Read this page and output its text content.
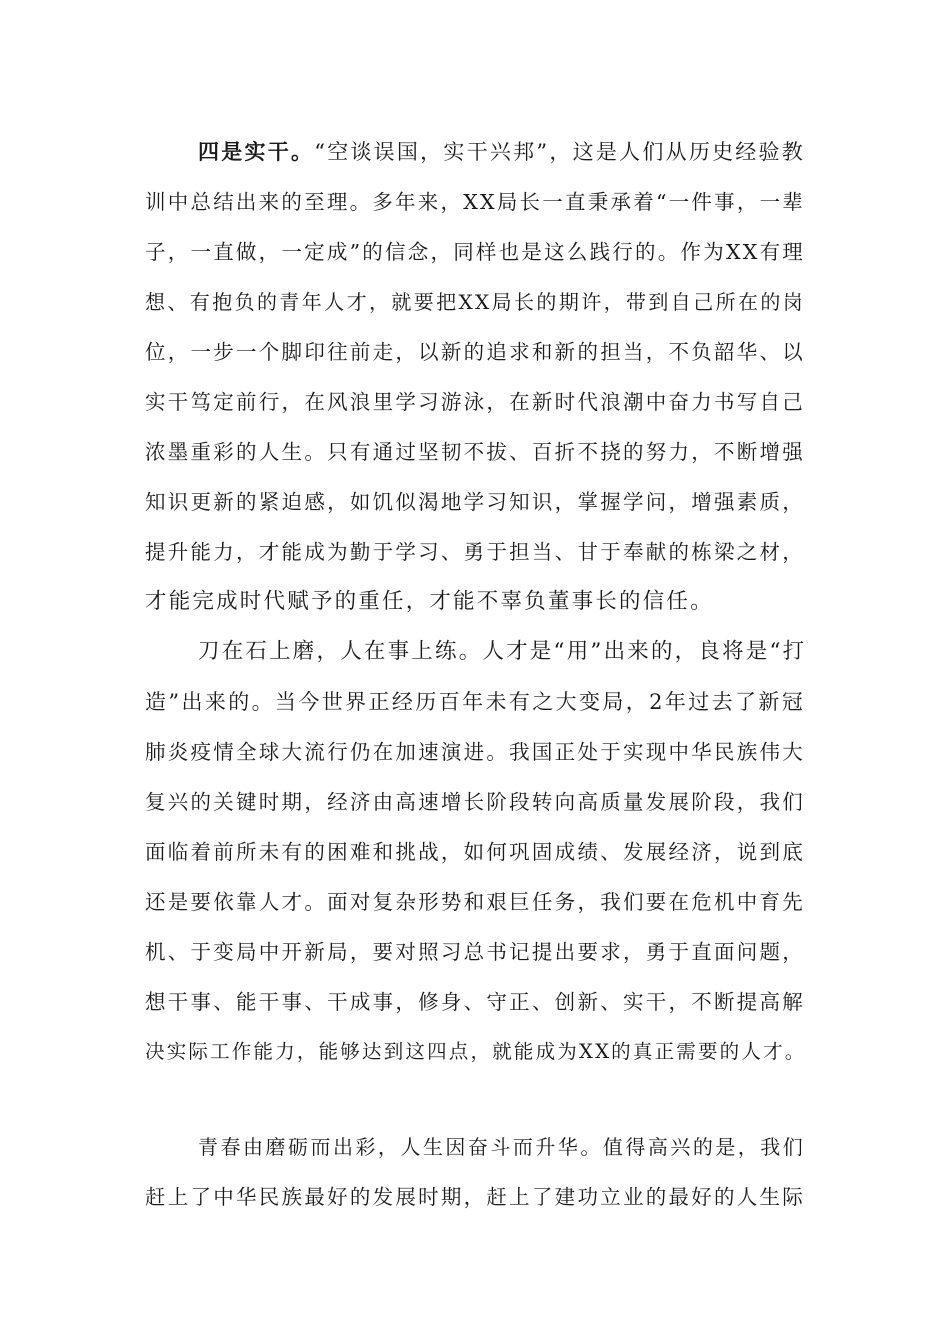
四是实干。“空谈误国，实干兴邦”，这是人们从历史经验教
训中总结出来的至理。多年来，XX局长一直秉承着“一件事，一辈
子，一直做，一定成”的信念，同样也是这么践行的。作为XX有理
想、有抱负的青年人才，就要把XX局长的期许，带到自己所在的岗
位，一步一个脚印往前走，以新的追求和新的担当，不负韶华、以
实干笃定前行，在风浪里学习游泳，在新时代浪潮中奋力书写自己
浓墨重彩的人生。只有通过坚韧不拔、百折不挠的努力，不断增强
知识更新的紧迫感，如饥似渴地学习知识，掌握学问，增强素质，
提升能力，才能成为勤于学习、勇于担当、甘于奉献的栋梁之材，
才能完成时代赋予的重任，才能不辜负董事长的信任。
刀在石上磨，人在事上练。人才是“用”出来的，良将是“打
造”出来的。当今世界正经历百年未有之大变局，2年过去了新冠
肺炎疫情全球大流行仍在加速演进。我国正处于实现中华民族伟大
复兴的关键时期，经济由高速增长阶段转向高质量发展阶段，我们
面临着前所未有的困难和挑战，如何巩固成绩、发展经济，说到底
还是要依靠人才。面对复杂形势和艰巨任务，我们要在危机中育先
机、于变局中开新局，要对照习总书记提出要求，勇于直面问题，
想干事、能干事、干成事，修身、守正、创新、实干，不断提高解
决实际工作能力，能够达到这四点，就能成为XX的真正需要的人才。
青春由磨砺而出彩，人生因奋斗而升华。值得高兴的是，我们
赶上了中华民族最好的发展时期，赶上了建功立业的最好的人生际
